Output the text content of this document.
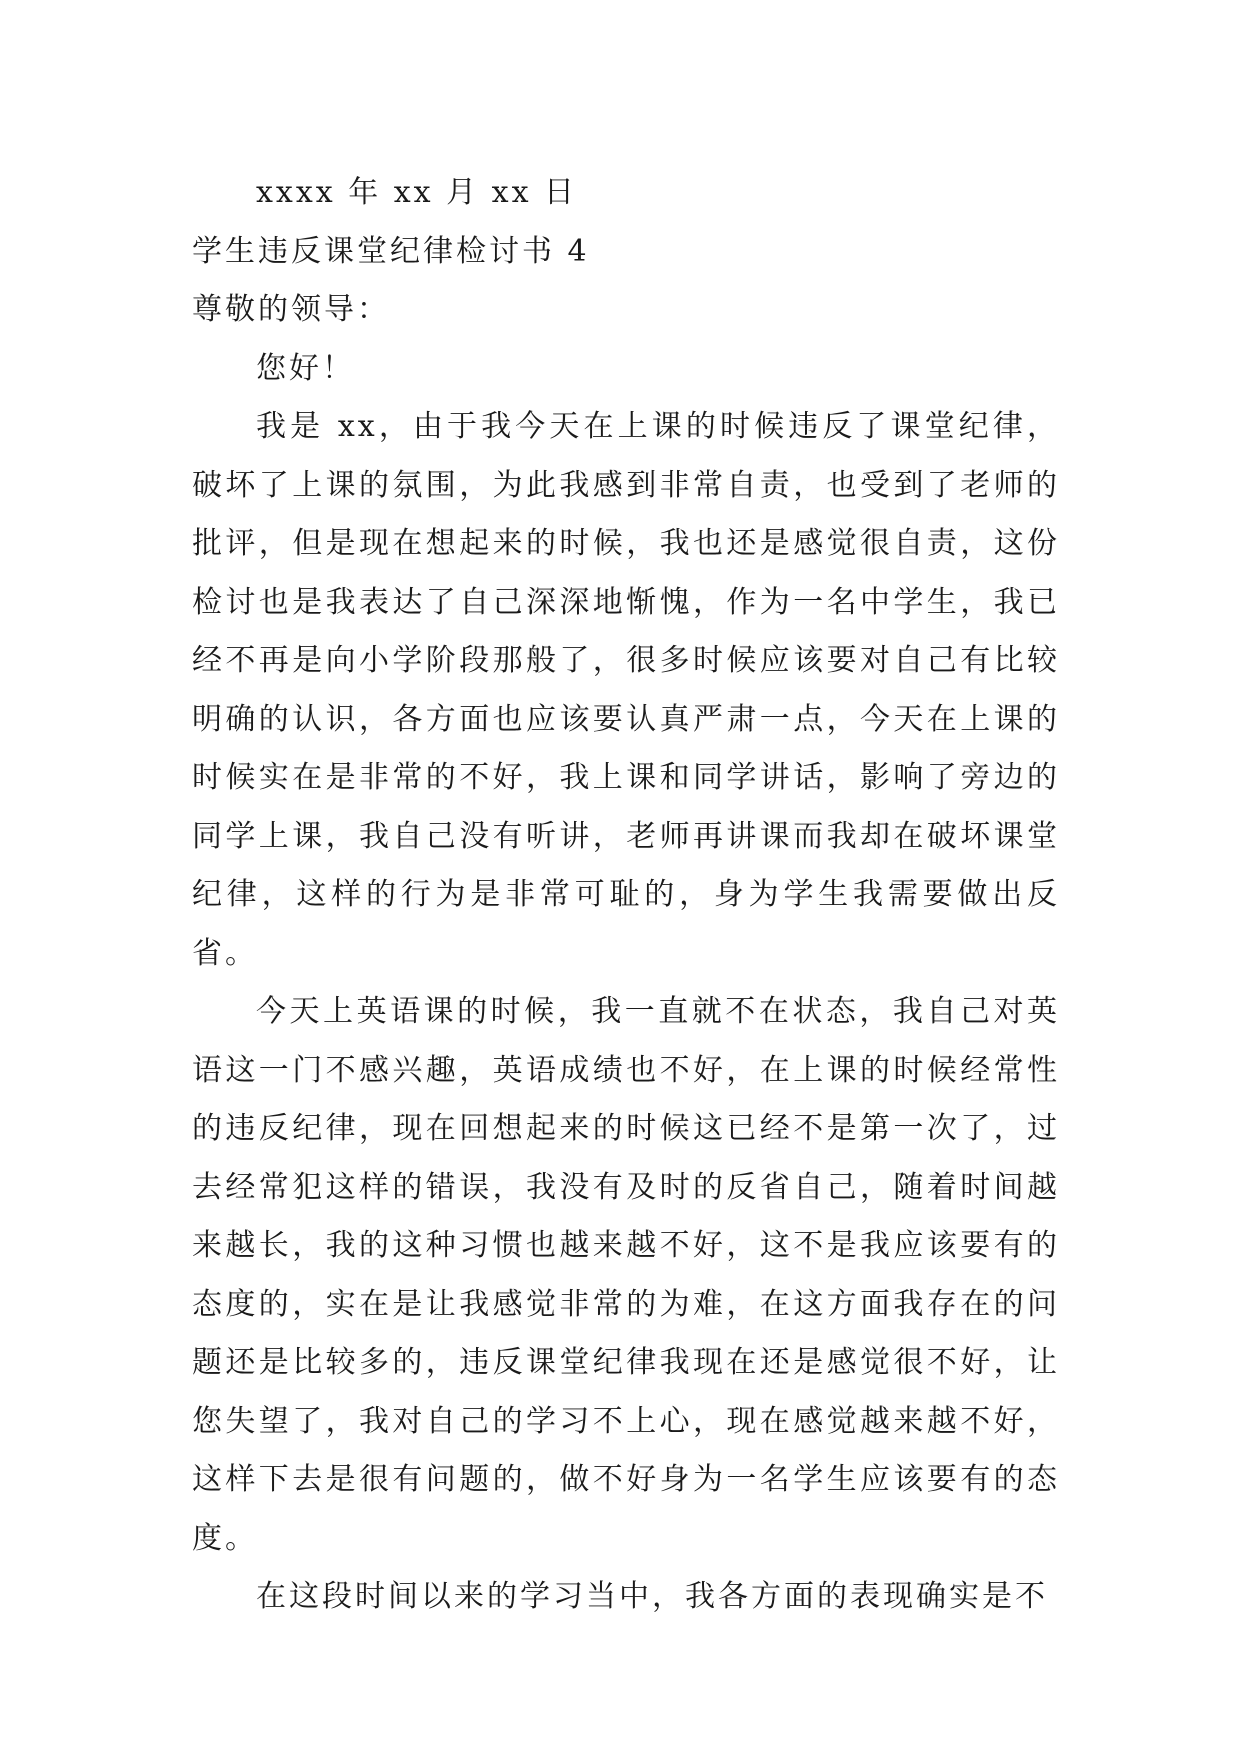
xxxx 年 xx 月 xx 日

学生违反课堂纪律检讨书 4

尊敬的领导：

您好！

我是 xx，由于我今天在上课的时候违反了课堂纪律，破坏了上课的氛围，为此我感到非常自责，也受到了老师的批评，但是现在想起来的时候，我也还是感觉很自责，这份检讨也是我表达了自己深深地惭愧，作为一名中学生，我已经不再是向小学阶段那般了，很多时候应该要对自己有比较明确的认识，各方面也应该要认真严肃一点，今天在上课的时候实在是非常的不好，我上课和同学讲话，影响了旁边的同学上课，我自己没有听讲，老师再讲课而我却在破坏课堂纪律，这样的行为是非常可耻的，身为学生我需要做出反省。

今天上英语课的时候，我一直就不在状态，我自己对英语这一门不感兴趣，英语成绩也不好，在上课的时候经常性的违反纪律，现在回想起来的时候这已经不是第一次了，过去经常犯这样的错误，我没有及时的反省自己，随着时间越来越长，我的这种习惯也越来越不好，这不是我应该要有的态度的，实在是让我感觉非常的为难，在这方面我存在的问题还是比较多的，违反课堂纪律我现在还是感觉很不好，让您失望了，我对自己的学习不上心，现在感觉越来越不好，这样下去是很有问题的，做不好身为一名学生应该要有的态度。

在这段时间以来的学习当中，我各方面的表现确实是不
